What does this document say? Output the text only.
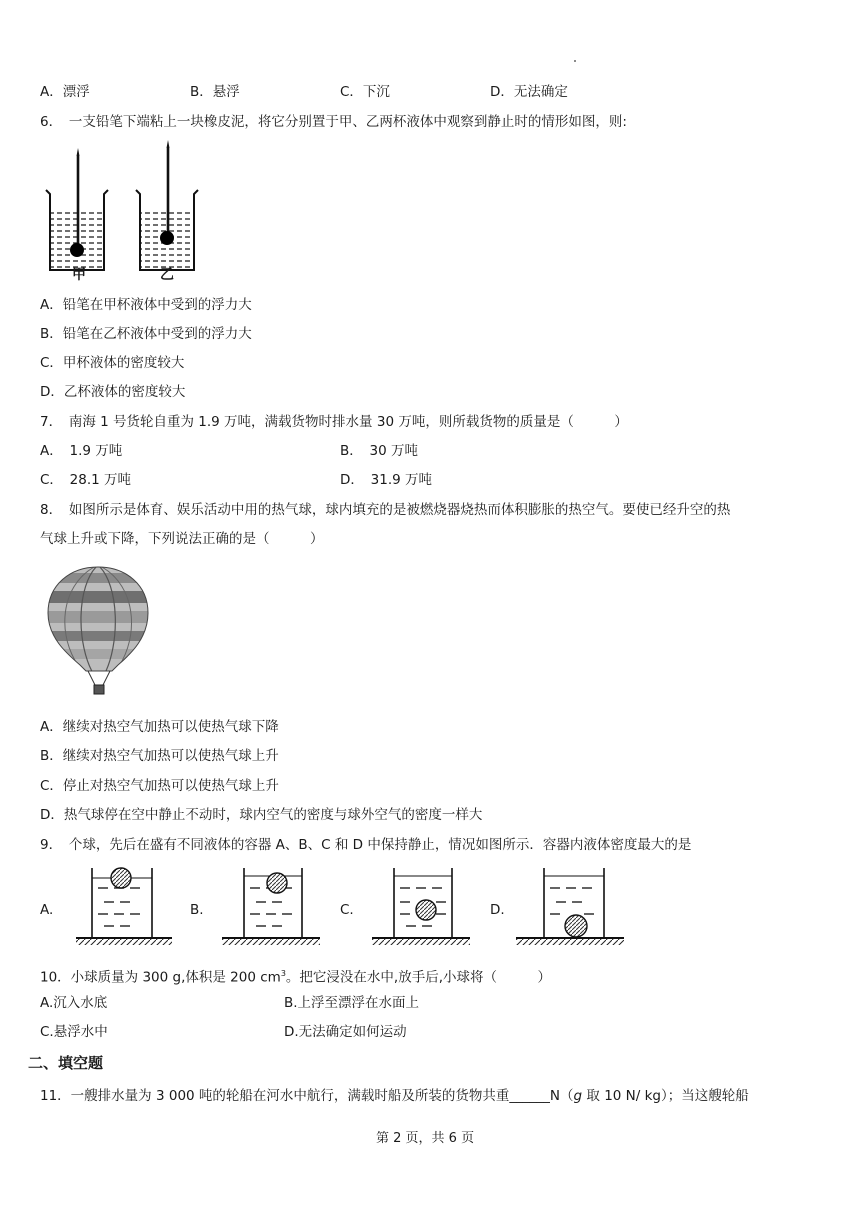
A．漂浮	B．悬浮	C．下沉	D．无法确定
6．　一支铅笔下端粘上一块橡皮泥，将它分别置于甲、乙两杯液体中观察到静止时的情形如图，则:
甲	乙
A．铅笔在甲杯液体中受到的浮力大
B．铅笔在乙杯液体中受到的浮力大
C．甲杯液体的密度较大
D．乙杯液体的密度较大
7．　南海 1 号货轮自重为 1.9 万吨，满载货物时排水量 30 万吨，则所载货物的质量是（　　　）
A．　1.9 万吨	B．　30 万吨
C．　28.1 万吨	D．　31.9 万吨
8．　如图所示是体育、娱乐活动中用的热气球，球内填充的是被燃烧器烧热而体积膨胀的热空气。要使已经升空的热
气球上升或下降，下列说法正确的是（　　　）
A．继续对热空气加热可以使热气球下降
B．继续对热空气加热可以使热气球上升
C．停止对热空气加热可以使热气球上升
D．热气球停在空中静止不动时，球内空气的密度与球外空气的密度一样大
9．　个球，先后在盛有不同液体的容器 A、B、C 和 D 中保持静止，情况如图所示．容器内液体密度最大的是
A.	B.	C.	D.
10．小球质量为 300 g,体积是 200 $cm^3$。把它浸没在水中,放手后,小球将（　　　）
A.沉入水底	B.上浮至漂浮在水面上
C.悬浮水中	D.无法确定如何运动
二、填空题
11．一艘排水量为 3 000 吨的轮船在河水中航行，满载时船及所装的货物共重______N（g 取 10 N/ kg）；当这艘轮船
第 2 页，共 6 页
